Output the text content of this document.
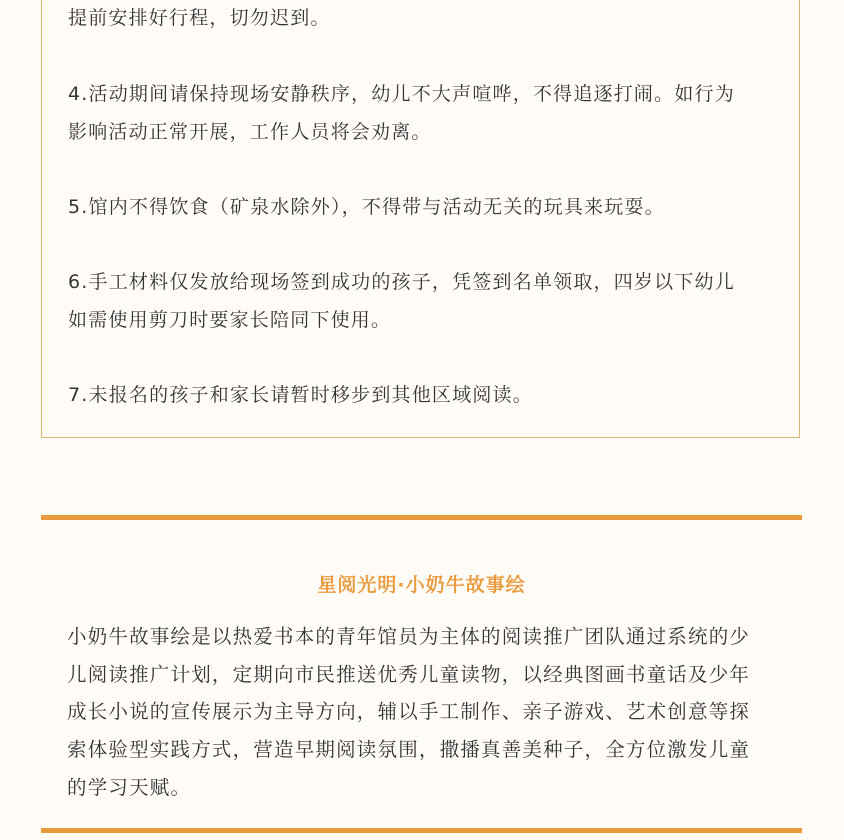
提前安排好行程，切勿迟到。
4.活动期间请保持现场安静秩序，幼儿不大声喧哗，不得追逐打闹。如行为
影响活动正常开展，工作人员将会劝离。
5.馆内不得饮食（矿泉水除外），不得带与活动无关的玩具来玩耍。
6.手工材料仅发放给现场签到成功的孩子，凭签到名单领取，四岁以下幼儿
如需使用剪刀时要家长陪同下使用。
7.未报名的孩子和家长请暂时移步到其他区域阅读。
星阅光明·小奶牛故事绘
小奶牛故事绘是以热爱书本的青年馆员为主体的阅读推广团队通过系统的少
儿阅读推广计划，定期向市民推送优秀儿童读物，以经典图画书童话及少年
成长小说的宣传展示为主导方向，辅以手工制作、亲子游戏、艺术创意等探
索体验型实践方式，营造早期阅读氛围，撒播真善美种子，全方位激发儿童
的学习天赋。
